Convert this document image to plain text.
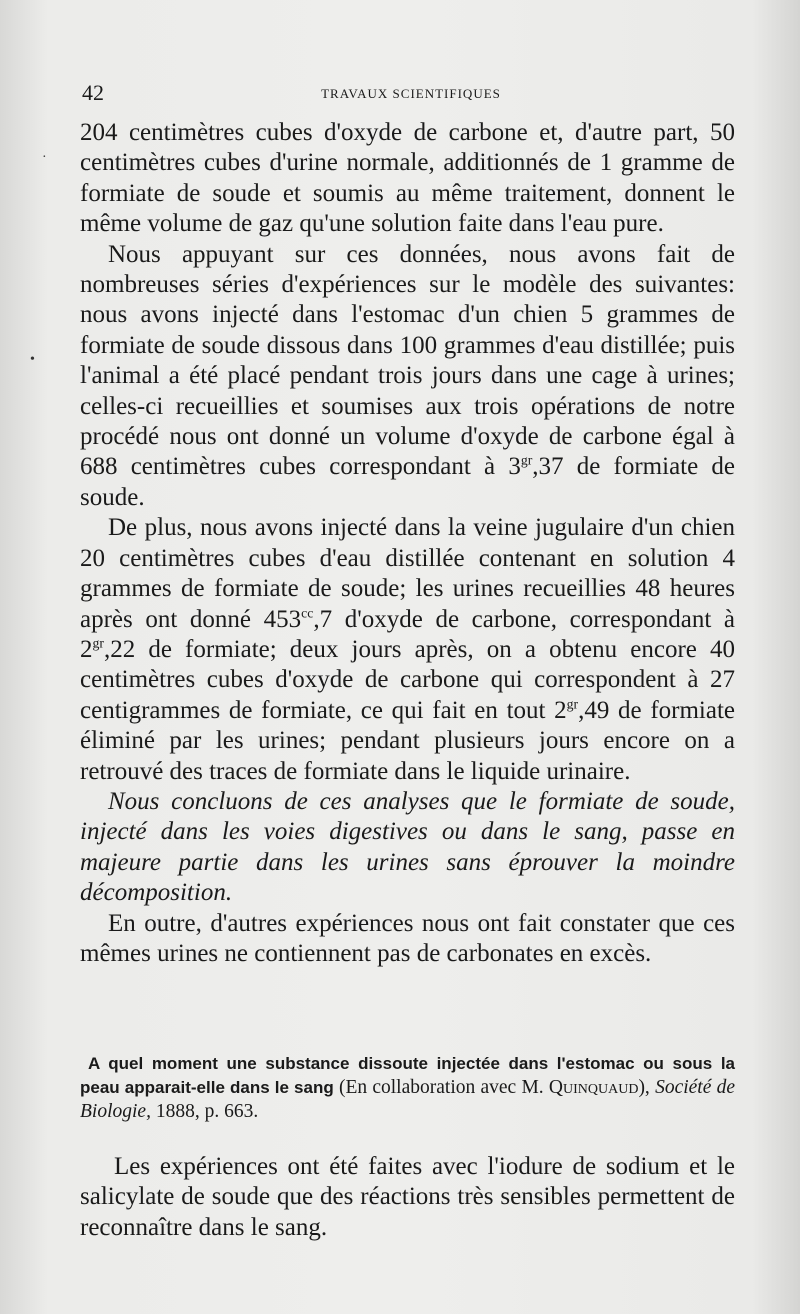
42	TRAVAUX SCIENTIFIQUES
·
•

204 centimètres cubes d'oxyde de carbone et, d'autre part, 50 centimètres cubes d'urine normale, additionnés de 1 gramme de formiate de soude et soumis au même traitement, donnent le même volume de gaz qu'une solution faite dans l'eau pure.

Nous appuyant sur ces données, nous avons fait de nombreuses séries d'expériences sur le modèle des suivantes: nous avons injecté dans l'estomac d'un chien 5 grammes de formiate de soude dissous dans 100 grammes d'eau distillée; puis l'animal a été placé pendant trois jours dans une cage à urines; celles-ci recueillies et soumises aux trois opérations de notre procédé nous ont donné un volume d'oxyde de carbone égal à 688 centimètres cubes correspondant à $3^{gr},37$ de formiate de soude.

De plus, nous avons injecté dans la veine jugulaire d'un chien 20 centimètres cubes d'eau distillée contenant en solution 4 grammes de formiate de soude; les urines recueillies 48 heures après ont donné $453^{cc},7$ d'oxyde de carbone, correspondant à $2^{gr},22$ de formiate; deux jours après, on a obtenu encore 40 centimètres cubes d'oxyde de carbone qui correspondent à 27 centigrammes de formiate, ce qui fait en tout $2^{gr},49$ de formiate éliminé par les urines; pendant plusieurs jours encore on a retrouvé des traces de formiate dans le liquide urinaire.

Nous concluons de ces analyses que le formiate de soude, injecté dans les voies digestives ou dans le sang, passe en majeure partie dans les urines sans éprouver la moindre décomposition.

En outre, d'autres expériences nous ont fait constater que ces mêmes urines ne contiennent pas de carbonates en excès.

A quel moment une substance dissoute injectée dans l'estomac ou sous la peau apparait-elle dans le sang (En collaboration avec M. Quinquaud), Société de Biologie, 1888, p. 663.

Les expériences ont été faites avec l'iodure de sodium et le salicylate de soude que des réactions très sensibles permettent de reconnaître dans le sang.
